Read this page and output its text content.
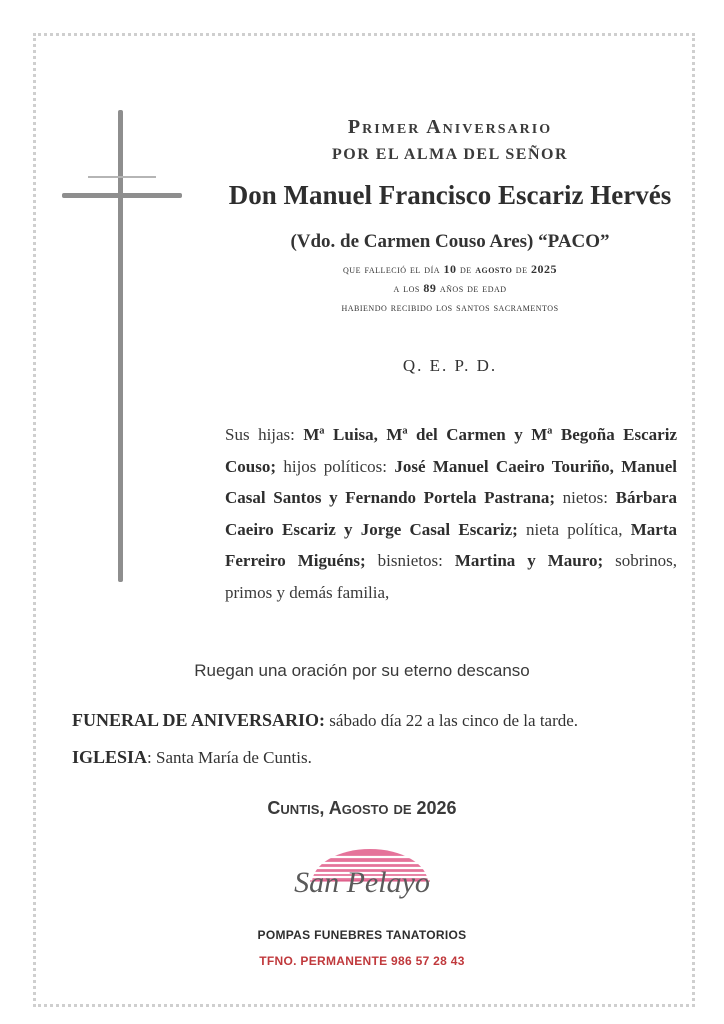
Primer Aniversario
POR EL ALMA DEL SEÑOR
Don Manuel Francisco Escariz Hervés
(Vdo. de Carmen Couso Ares) “PACO”
que falleció el día 10 de agosto de 2025
a los 89 años de edad
habiendo recibido los santos sacramentos
Q. E. P. D.
Sus hijas: Mª Luisa, Mª del Carmen y Mª Begoña Escariz Couso; hijos políticos: José Manuel Caeiro Touriño, Manuel Casal Santos y Fernando Portela Pastrana; nietos: Bárbara Caeiro Escariz y Jorge Casal Escariz; nieta política, Marta Ferreiro Miguéns; bisnietos: Martina y Mauro; sobrinos, primos y demás familia,
Ruegan una oración por su eterno descanso
FUNERAL DE ANIVERSARIO: sábado día 22 a las cinco de la tarde.
IGLESIA: Santa María de Cuntis.
Cuntis, Agosto de 2026
San Pelayo
POMPAS FUNEBRES TANATORIOS
TFNO. PERMANENTE 986 57 28 43
